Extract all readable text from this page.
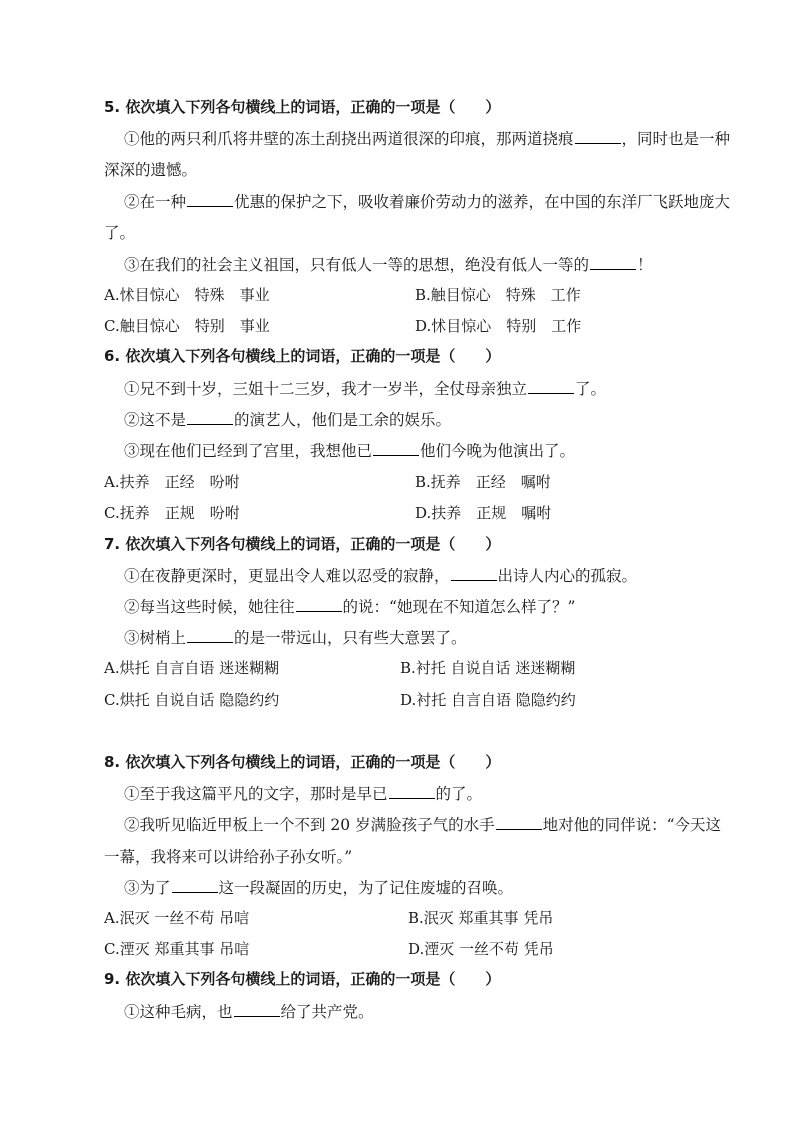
5. 依次填入下列各句横线上的词语，正确的一项是（　　）
①他的两只利爪将井壁的冻土刮挠出两道很深的印痕，那两道挠痕	，同时也是一种
深深的遗憾。
②在一种	优惠的保护之下，吸收着廉价劳动力的滋养，在中国的东洋厂飞跃地庞大
了。
③在我们的社会主义祖国，只有低人一等的思想，绝没有低人一等的	！
A.怵目惊心　特殊　事业	B.触目惊心　特殊　工作
C.触目惊心　特别　事业	D.怵目惊心　特别　工作
6. 依次填入下列各句横线上的词语，正确的一项是（　　）
①兄不到十岁，三姐十二三岁，我才一岁半，全仗母亲独立	了。
②这不是	的演艺人，他们是工余的娱乐。
③现在他们已经到了宫里，我想他已	他们今晚为他演出了。
A.扶养　正经　吩咐	B.抚养　正经　嘱咐
C.抚养　正规　吩咐	D.扶养　正规　嘱咐
7. 依次填入下列各句横线上的词语，正确的一项是（　　）
①在夜静更深时，更显出令人难以忍受的寂静，	出诗人内心的孤寂。
②每当这些时候，她往往	的说：“她现在不知道怎么样了？”
③树梢上	的是一带远山，只有些大意罢了。
A.烘托 自言自语 迷迷糊糊	B.衬托 自说自话 迷迷糊糊
C.烘托 自说自话 隐隐约约	D.衬托 自言自语 隐隐约约
8. 依次填入下列各句横线上的词语，正确的一项是（　　）
①至于我这篇平凡的文字，那时是早已	的了。
②我听见临近甲板上一个不到 20 岁满脸孩子气的水手	地对他的同伴说：“今天这
一幕，我将来可以讲给孙子孙女听。”
③为了	这一段凝固的历史，为了记住废墟的召唤。
A.泯灭 一丝不苟 吊唁	B.泯灭 郑重其事 凭吊
C.湮灭 郑重其事 吊唁	D.湮灭 一丝不苟 凭吊
9. 依次填入下列各句横线上的词语，正确的一项是（　　）
①这种毛病，也	给了共产党。
